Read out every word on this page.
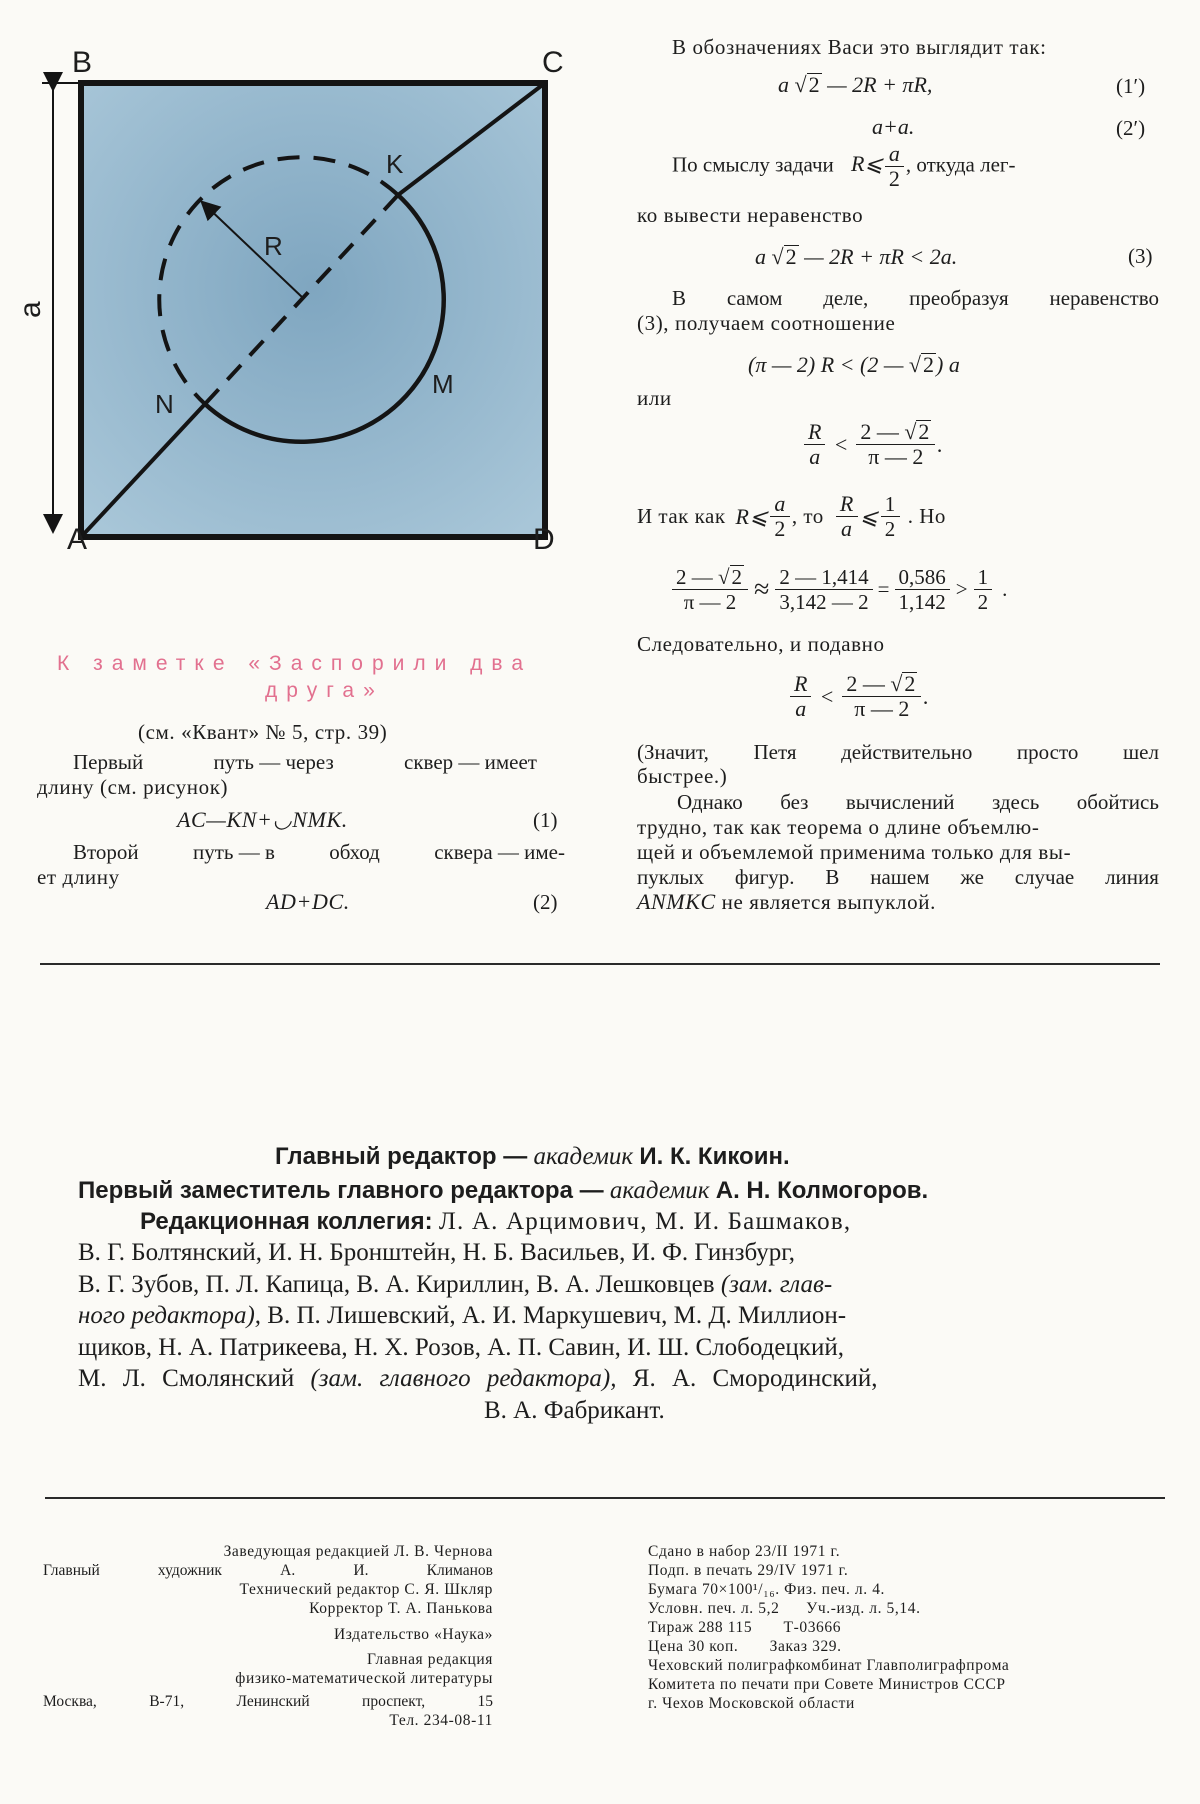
B	C
K
R
N
M
a
A	D
К заметке «Заспорили два
друга»
(см. «Квант» № 5, стр. 39)
Первый	путь — через	сквер — имеет
длину (см. рисунок)
AC—KN+◡NMK.	(1)
Второй	путь — в	обход	сквера — име-
ет длину
AD+DC.	(2)
В обозначениях Васи это выглядит так:
a √2 — 2R + πR,	(1′)
a+a.	(2′)
По смыслу задачи R⩽ $\frac{a}{2}$ , откуда лег-
ко вывести неравенство
a √2 — 2R + πR < 2a.	(3)
В самом деле, преобразуя неравенство
(3), получаем соотношение
(π — 2) R < (2 — √2) a
или
$\frac{R}{a} < \frac{2 — √2}{\pi — 2}$ .
И так как R⩽ $\frac{a}{2}$ , то $\frac{R}{a}$ ⩽ $\frac{1}{2}$ . Но
$\frac{2 — √2}{\pi — 2} \approx \frac{2 — 1,414}{3,142 — 2} = \frac{0,586}{1,142} > \frac{1}{2}$ .
Следовательно, и подавно
$\frac{R}{a} < \frac{2 — √2}{\pi — 2}$ .
(Значит, Петя действительно просто шел
быстрее.)
Однако без вычислений здесь обойтись
трудно, так как теорема о длине объемлю-
щей и объемлемой применима только для вы-
пуклых фигур. В нашем же случае линия
ANMKC не является выпуклой.
Главный редактор — академик И. К. Кикоин.
Первый заместитель главного редактора — академик А. Н. Колмогоров.
Редакционная коллегия: Л. А. Арцимович, М. И. Башмаков,
В. Г. Болтянский, И. Н. Бронштейн, Н. Б. Васильев, И. Ф. Гинзбург,
В. Г. Зубов, П. Л. Капица, В. А. Кириллин, В. А. Лешковцев (зам. глав-
ного редактора), В. П. Лишевский, А. И. Маркушевич, М. Д. Миллион-
щиков, Н. А. Патрикеева, Н. Х. Розов, А. П. Савин, И. Ш. Слободецкий,
М. Л. Смолянский (зам. главного редактора), Я. А. Смородинский,
В. А. Фабрикант.
Заведующая редакцией Л. В. Чернова
Главный	художник	А.	И.	Климанов
Технический редактор С. Я. Шкляр
Корректор Т. А. Панькова
Издательство «Наука»
Главная редакция
физико-математической литературы
Москва,	В-71,	Ленинский	проспект,	15
Тел. 234-08-11
Сдано в набор 23/II 1971 г.
Подп. в печать 29/IV 1971 г.
Бумага 70×100¹/₁₆. Физ. печ. л. 4.
Условн. печ. л. 5,2      Уч.-изд. л. 5,14.
Тираж 288 115       Т-03666
Цена 30 коп.       Заказ 329.
Чеховский полиграфкомбинат Главполиграфпрома
Комитета по печати при Совете Министров СССР
г. Чехов Московской области
